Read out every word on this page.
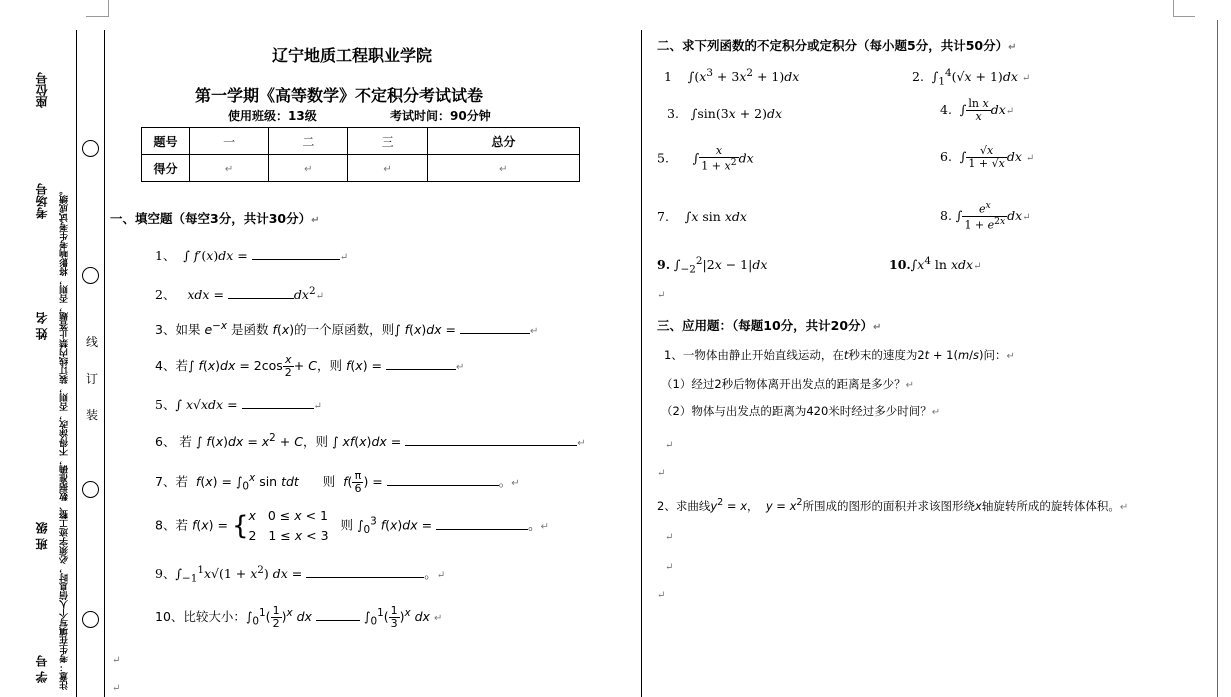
座位号
考场号
姓 名
班 级
学 号 注意：考生在填写个人信息时，必须字迹工整、数据准确，不得涂改，否则，装订线内禁止答题，否则，将影响考生考试成绩。 装
订
线
辽宁地质工程职业学院
第一学期《高等数学》不定积分考试试卷
使用班级：13级	考试时间：90分钟
题号	一	二	三	总分
得分	↵	↵	↵	↵
一、填空题（每空3分，共计30分）↵
1、  ∫ f′(x)dx =	↵
2、 xdx =	$dx^2↵$
3、如果 $e^{-x}$ 是函数 f(x)的一个原函数，则∫ f(x)dx =	↵
4、若∫ $f(x)dx = 2\cos \frac{x}{2} + C$，则 f(x) =	↵
5、∫ x√xdx =	↵
6、 若 ∫ $f(x)dx = x^2 + C$，则 ∫ xf(x)dx =	↵
7、若 $f(x) = \int_0^x$ sin tdt 则 $f( \frac{\pi}{6}$ ) =	。↵
8、若 f(x) = { x   0 ≤ x < 1
2   1 ≤ x < 3
则 $\int_0^3$ f(x)dx =	。↵
9、$\int_{-1}^1x√(1 + x^2)$ dx =	。↵
10、比较大小：$\int_0^1( \frac{1}{2} )^x$ dx	$\int_0^1( \frac{1}{3} )^x$ dx ↵
↵
↵
二、求下列函数的不定积分或定积分（每小题5分，共计50分）↵
1    $\int(x^3 + 3x^2 + 1)dx$	2.  $\int_1^4(√x + 1)dx$ ↵
3.   ∫sin(3x + 2)dx	4.  ∫ $\frac{\text{ln x}}{x}$ dx↵
5.      ∫ $\frac{x}{1 + x^2}$ dx	6.  ∫ $\frac{√x}{1 + √x}$ dx ↵
7.    ∫x sin xdx	8. ∫ $\frac{e^x}{1 + e^{2x}}$ dx↵
9. $\int_{-2}^2|2x - 1|dx$	$10.\int x^4$ ln xdx↵
↵
三、应用题：（每题10分，共计20分）↵
1、一物体由静止开始直线运动，在t秒末的速度为2t + 1(m/s)问：↵
（1）经过2秒后物体离开出发点的距离是多少？↵
（2）物体与出发点的距离为420米时经过多少时间？↵
↵
↵
2、求曲线$y^2 = x$，  $y = x^2$所围成的图形的面积并求该图形绕x轴旋转所成的旋转体体积。↵
↵
↵
↵
